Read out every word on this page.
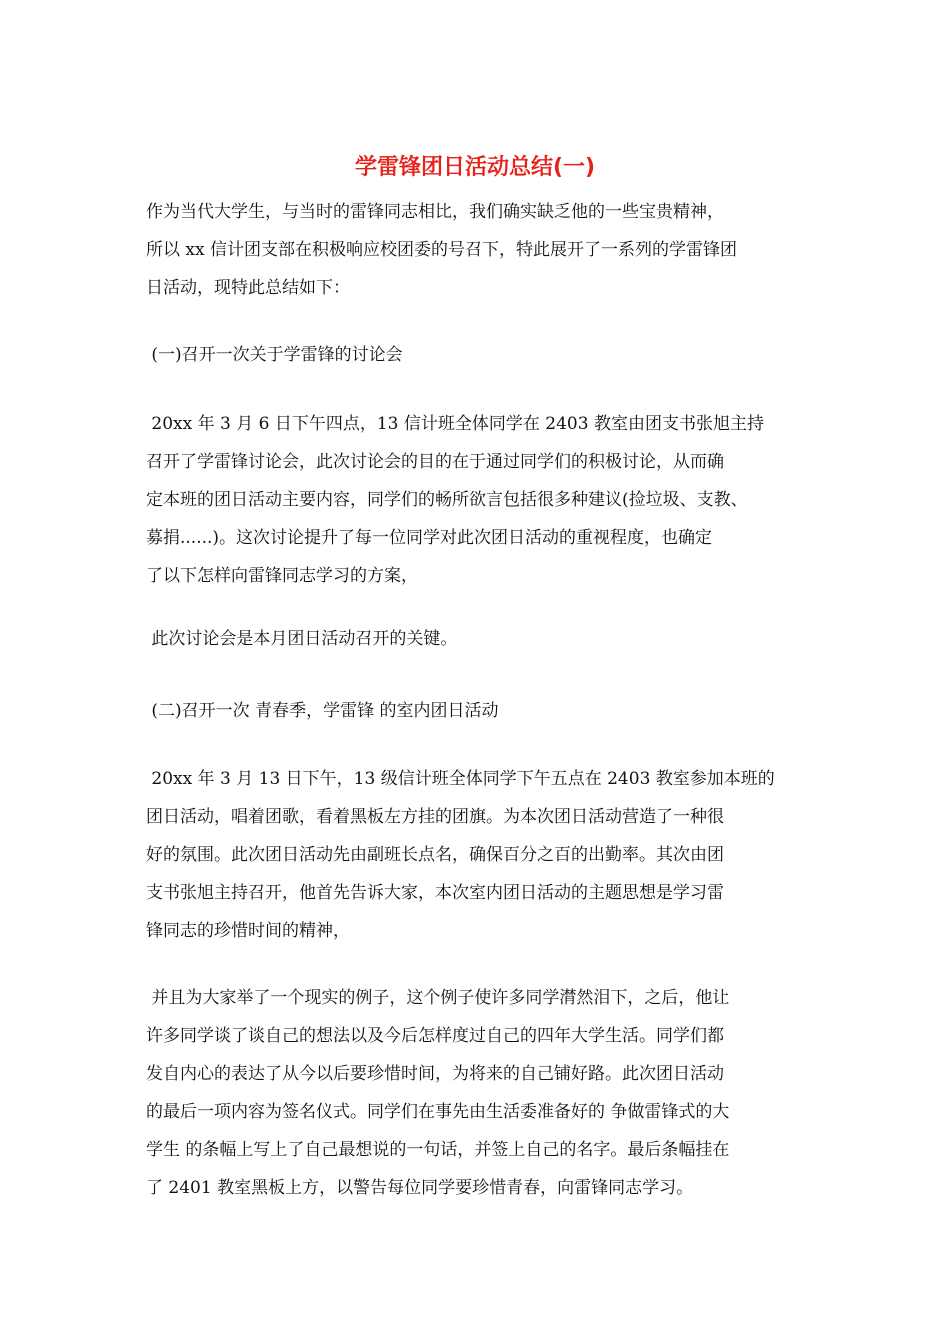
学雷锋团日活动总结(一)
作为当代大学生，与当时的雷锋同志相比，我们确实缺乏他的一些宝贵精神，
所以 xx 信计团支部在积极响应校团委的号召下，特此展开了一系列的学雷锋团
日活动，现特此总结如下：
(一)召开一次关于学雷锋的讨论会
20xx 年 3 月 6 日下午四点，13 信计班全体同学在 2403 教室由团支书张旭主持
召开了学雷锋讨论会，此次讨论会的目的在于通过同学们的积极讨论，从而确
定本班的团日活动主要内容，同学们的畅所欲言包括很多种建议(捡垃圾、支教、
募捐......)。这次讨论提升了每一位同学对此次团日活动的重视程度，也确定
了以下怎样向雷锋同志学习的方案，
此次讨论会是本月团日活动召开的关键。
(二)召开一次 青春季，学雷锋 的室内团日活动
20xx 年 3 月 13 日下午，13 级信计班全体同学下午五点在 2403 教室参加本班的
团日活动，唱着团歌，看着黑板左方挂的团旗。为本次团日活动营造了一种很
好的氛围。此次团日活动先由副班长点名，确保百分之百的出勤率。其次由团
支书张旭主持召开，他首先告诉大家，本次室内团日活动的主题思想是学习雷
锋同志的珍惜时间的精神，
并且为大家举了一个现实的例子，这个例子使许多同学潸然泪下，之后，他让
许多同学谈了谈自己的想法以及今后怎样度过自己的四年大学生活。同学们都
发自内心的表达了从今以后要珍惜时间，为将来的自己铺好路。此次团日活动
的最后一项内容为签名仪式。同学们在事先由生活委准备好的 争做雷锋式的大
学生 的条幅上写上了自己最想说的一句话，并签上自己的名字。最后条幅挂在
了 2401 教室黑板上方，以警告每位同学要珍惜青春，向雷锋同志学习。
